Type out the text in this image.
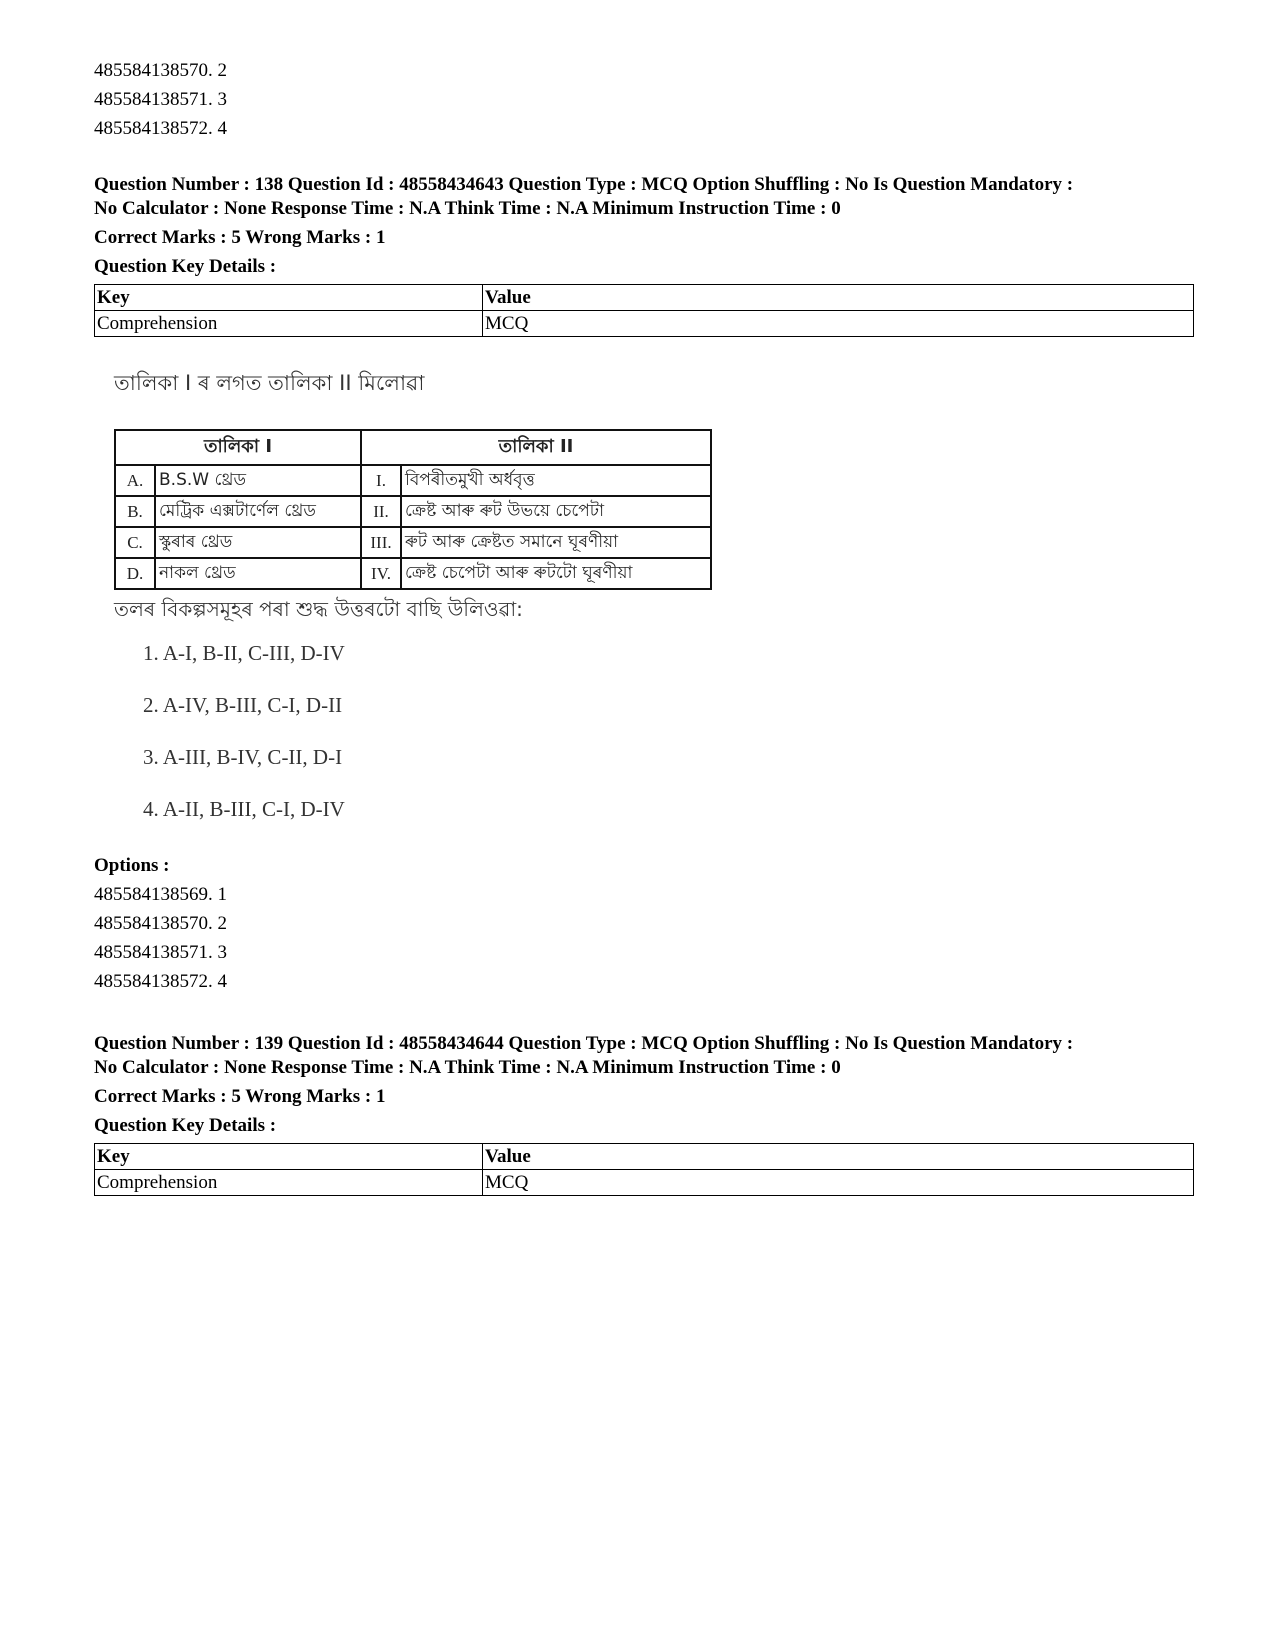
485584138570. 2
485584138571. 3
485584138572. 4
Question Number : 138 Question Id : 48558434643 Question Type : MCQ Option Shuffling : No Is Question Mandatory :
No Calculator : None Response Time : N.A Think Time : N.A Minimum Instruction Time : 0
Correct Marks : 5 Wrong Marks : 1
Question Key Details :
Key	Value
Comprehension	MCQ
তালিকা I ৰ লগত তালিকা II মিলোৱা
তালিকা I		তালিকা II	
A.	B.S.W থ্ৰেড	I.	বিপৰীতমুখী অৰ্ধবৃত্ত
B.	মেট্ৰিক এক্সটাৰ্ণেল থ্ৰেড	II.	ক্ৰেষ্ট আৰু ৰুট উভয়ে চেপেটা
C.	স্কুৰাৰ থ্ৰেড	III.	ৰুট আৰু ক্ৰেষ্টত সমানে ঘূৰণীয়া
D.	নাকল থ্ৰেড	IV.	ক্ৰেষ্ট চেপেটা আৰু ৰুটটো ঘূৰণীয়া
তলৰ বিকল্পসমূহৰ পৰা শুদ্ধ উত্তৰটো বাছি উলিওৱা:
1. A-I, B-II, C-III, D-IV
2. A-IV, B-III, C-I, D-II
3. A-III, B-IV, C-II, D-I
4. A-II, B-III, C-I, D-IV
Options :
485584138569. 1
485584138570. 2
485584138571. 3
485584138572. 4
Question Number : 139 Question Id : 48558434644 Question Type : MCQ Option Shuffling : No Is Question Mandatory :
No Calculator : None Response Time : N.A Think Time : N.A Minimum Instruction Time : 0
Correct Marks : 5 Wrong Marks : 1
Question Key Details :
Key	Value
Comprehension	MCQ
